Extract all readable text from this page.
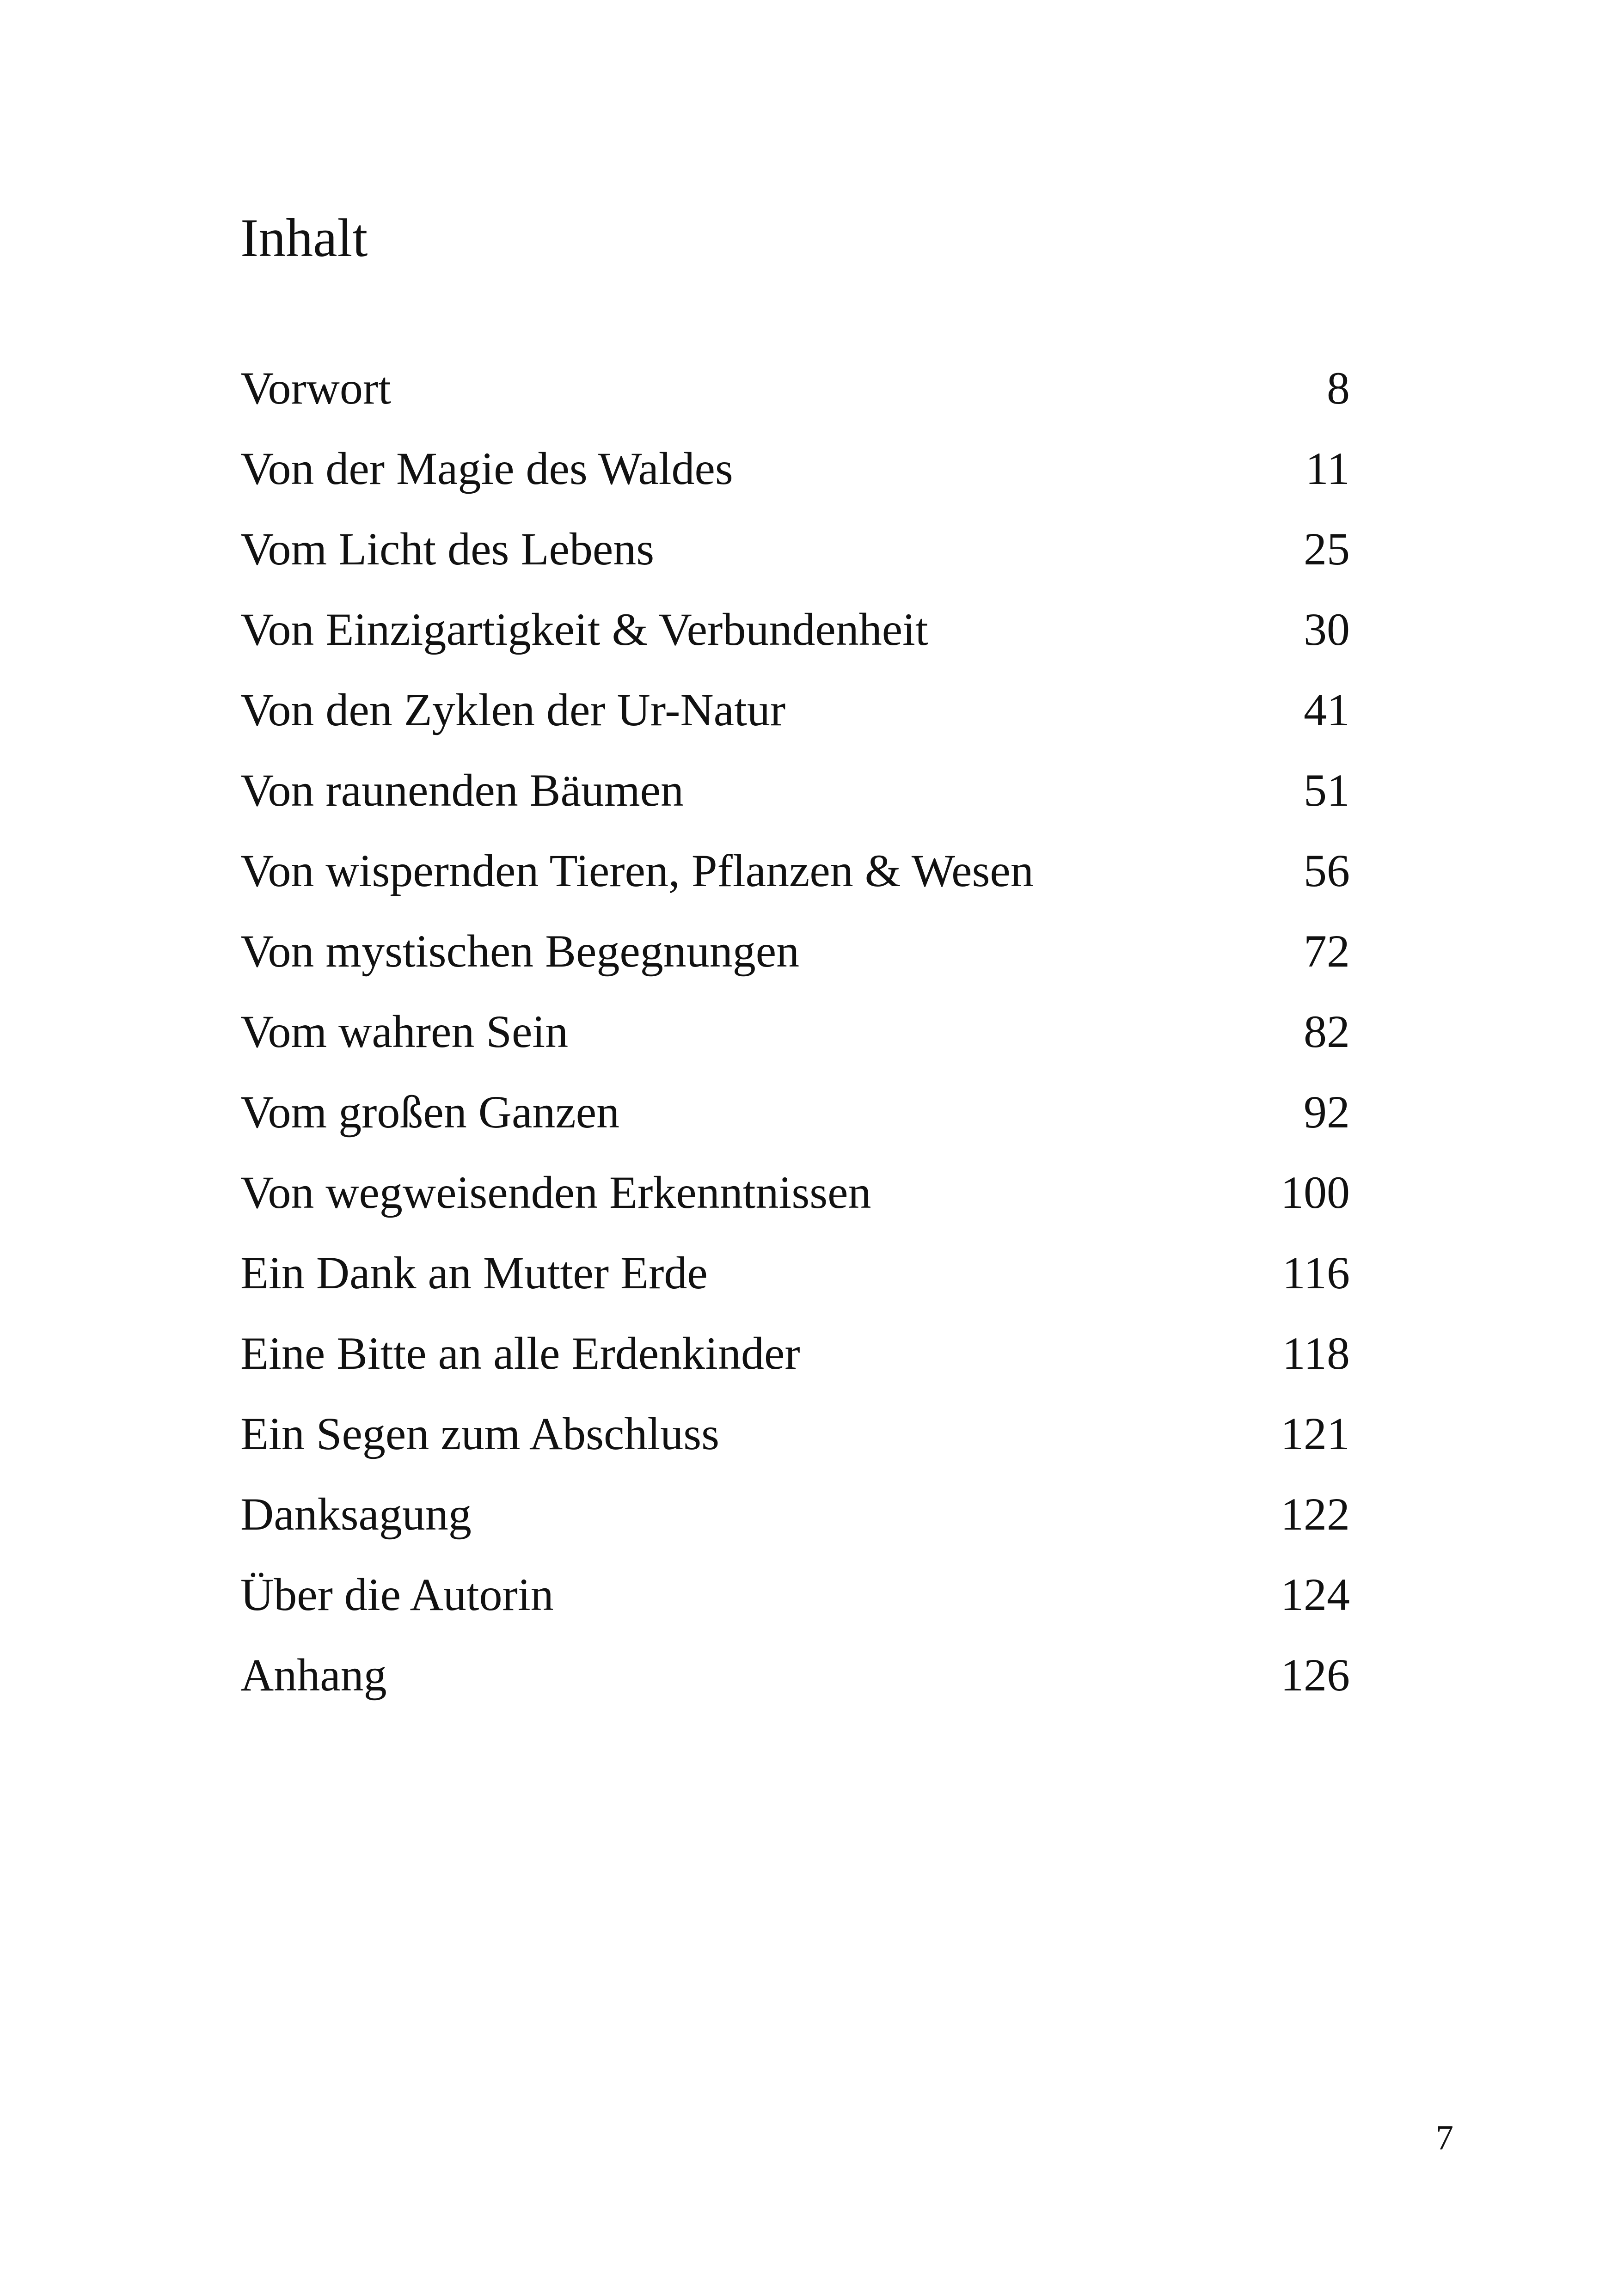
Inhalt
Vorwort	8
Von der Magie des Waldes	11
Vom Licht des Lebens	25
Von Einzigartigkeit & Verbundenheit	30
Von den Zyklen der Ur-Natur	41
Von raunenden Bäumen	51
Von wispernden Tieren, Pflanzen & Wesen	56
Von mystischen Begegnungen	72
Vom wahren Sein	82
Vom großen Ganzen	92
Von wegweisenden Erkenntnissen	100
Ein Dank an Mutter Erde	116
Eine Bitte an alle Erdenkinder	118
Ein Segen zum Abschluss	121
Danksagung	122
Über die Autorin	124
Anhang	126
7
